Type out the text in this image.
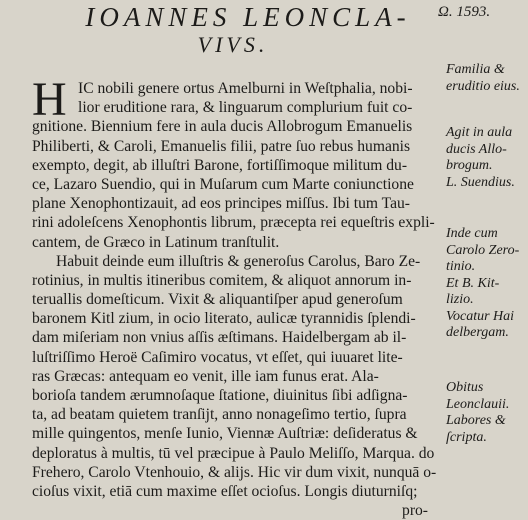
IOANNES LEONCLA-
VIVS.
Ω. 1593.
H IC nobili genere ortus Amelburni in Weſtphalia, nobi-
lior eruditione rara, & linguarum complurium fuit co-
gnitione. Biennium fere in aula ducis Allobrogum Emanuelis
Philiberti, & Caroli, Emanuelis filii, patre ſuo rebus humanis
exempto, degit, ab illuſtri Barone, fortiſſimoque militum du-
ce, Lazaro Suendio, qui in Muſarum cum Marte coniunctione
plane Xenophontizauit, ad eos principes miſſus. Ibi tum Tau-
rini adoleſcens Xenophontis librum, præcepta rei equeſtris expli-
cantem, de Græco in Latinum tranſtulit.
Habuit deinde eum illuſtris & generoſus Carolus, Baro Ze-
rotinius, in multis itineribus comitem, & aliquot annorum in-
teruallis domeſticum. Vixit & aliquantiſper apud generoſum
baronem Kitl zium, in ocio literato, aulicæ tyrannidis ſplendi-
dam miſeriam non vnius aſſis æſtimans. Haidelbergam ab il-
luſtriſſimo Heroë Caſimiro vocatus, vt eſſet, qui iuuaret lite-
ras Græcas: antequam eo venit, ille iam funus erat. Ala-
borioſa tandem ærumnoſaque ſtatione, diuinitus ſibi adſigna-
ta, ad beatam quietem tranſijt, anno nonageſimo tertio, ſupra
mille quingentos, menſe Iunio, Viennæ Auſtriæ: deſideratus &
deploratus à multis, tū vel præcipue à Paulo Meliſſo, Marqua. do
Frehero, Carolo Vtenhouio, & alijs. Hic vir dum vixit, nunquā o-
cioſus vixit, etiā cum maxime eſſet ocioſus. Longis diuturniſq;
pro-
Familia &
eruditio eius.
Agit in aula
ducis Allo-
brogum.
L. Suendius.
Inde cum
Carolo Zero-
tinio.
Et B. Kit-
lizio.
Vocatur Hai
delbergam.
Obitus
Leonclauii.
Labores &
ſcripta.
